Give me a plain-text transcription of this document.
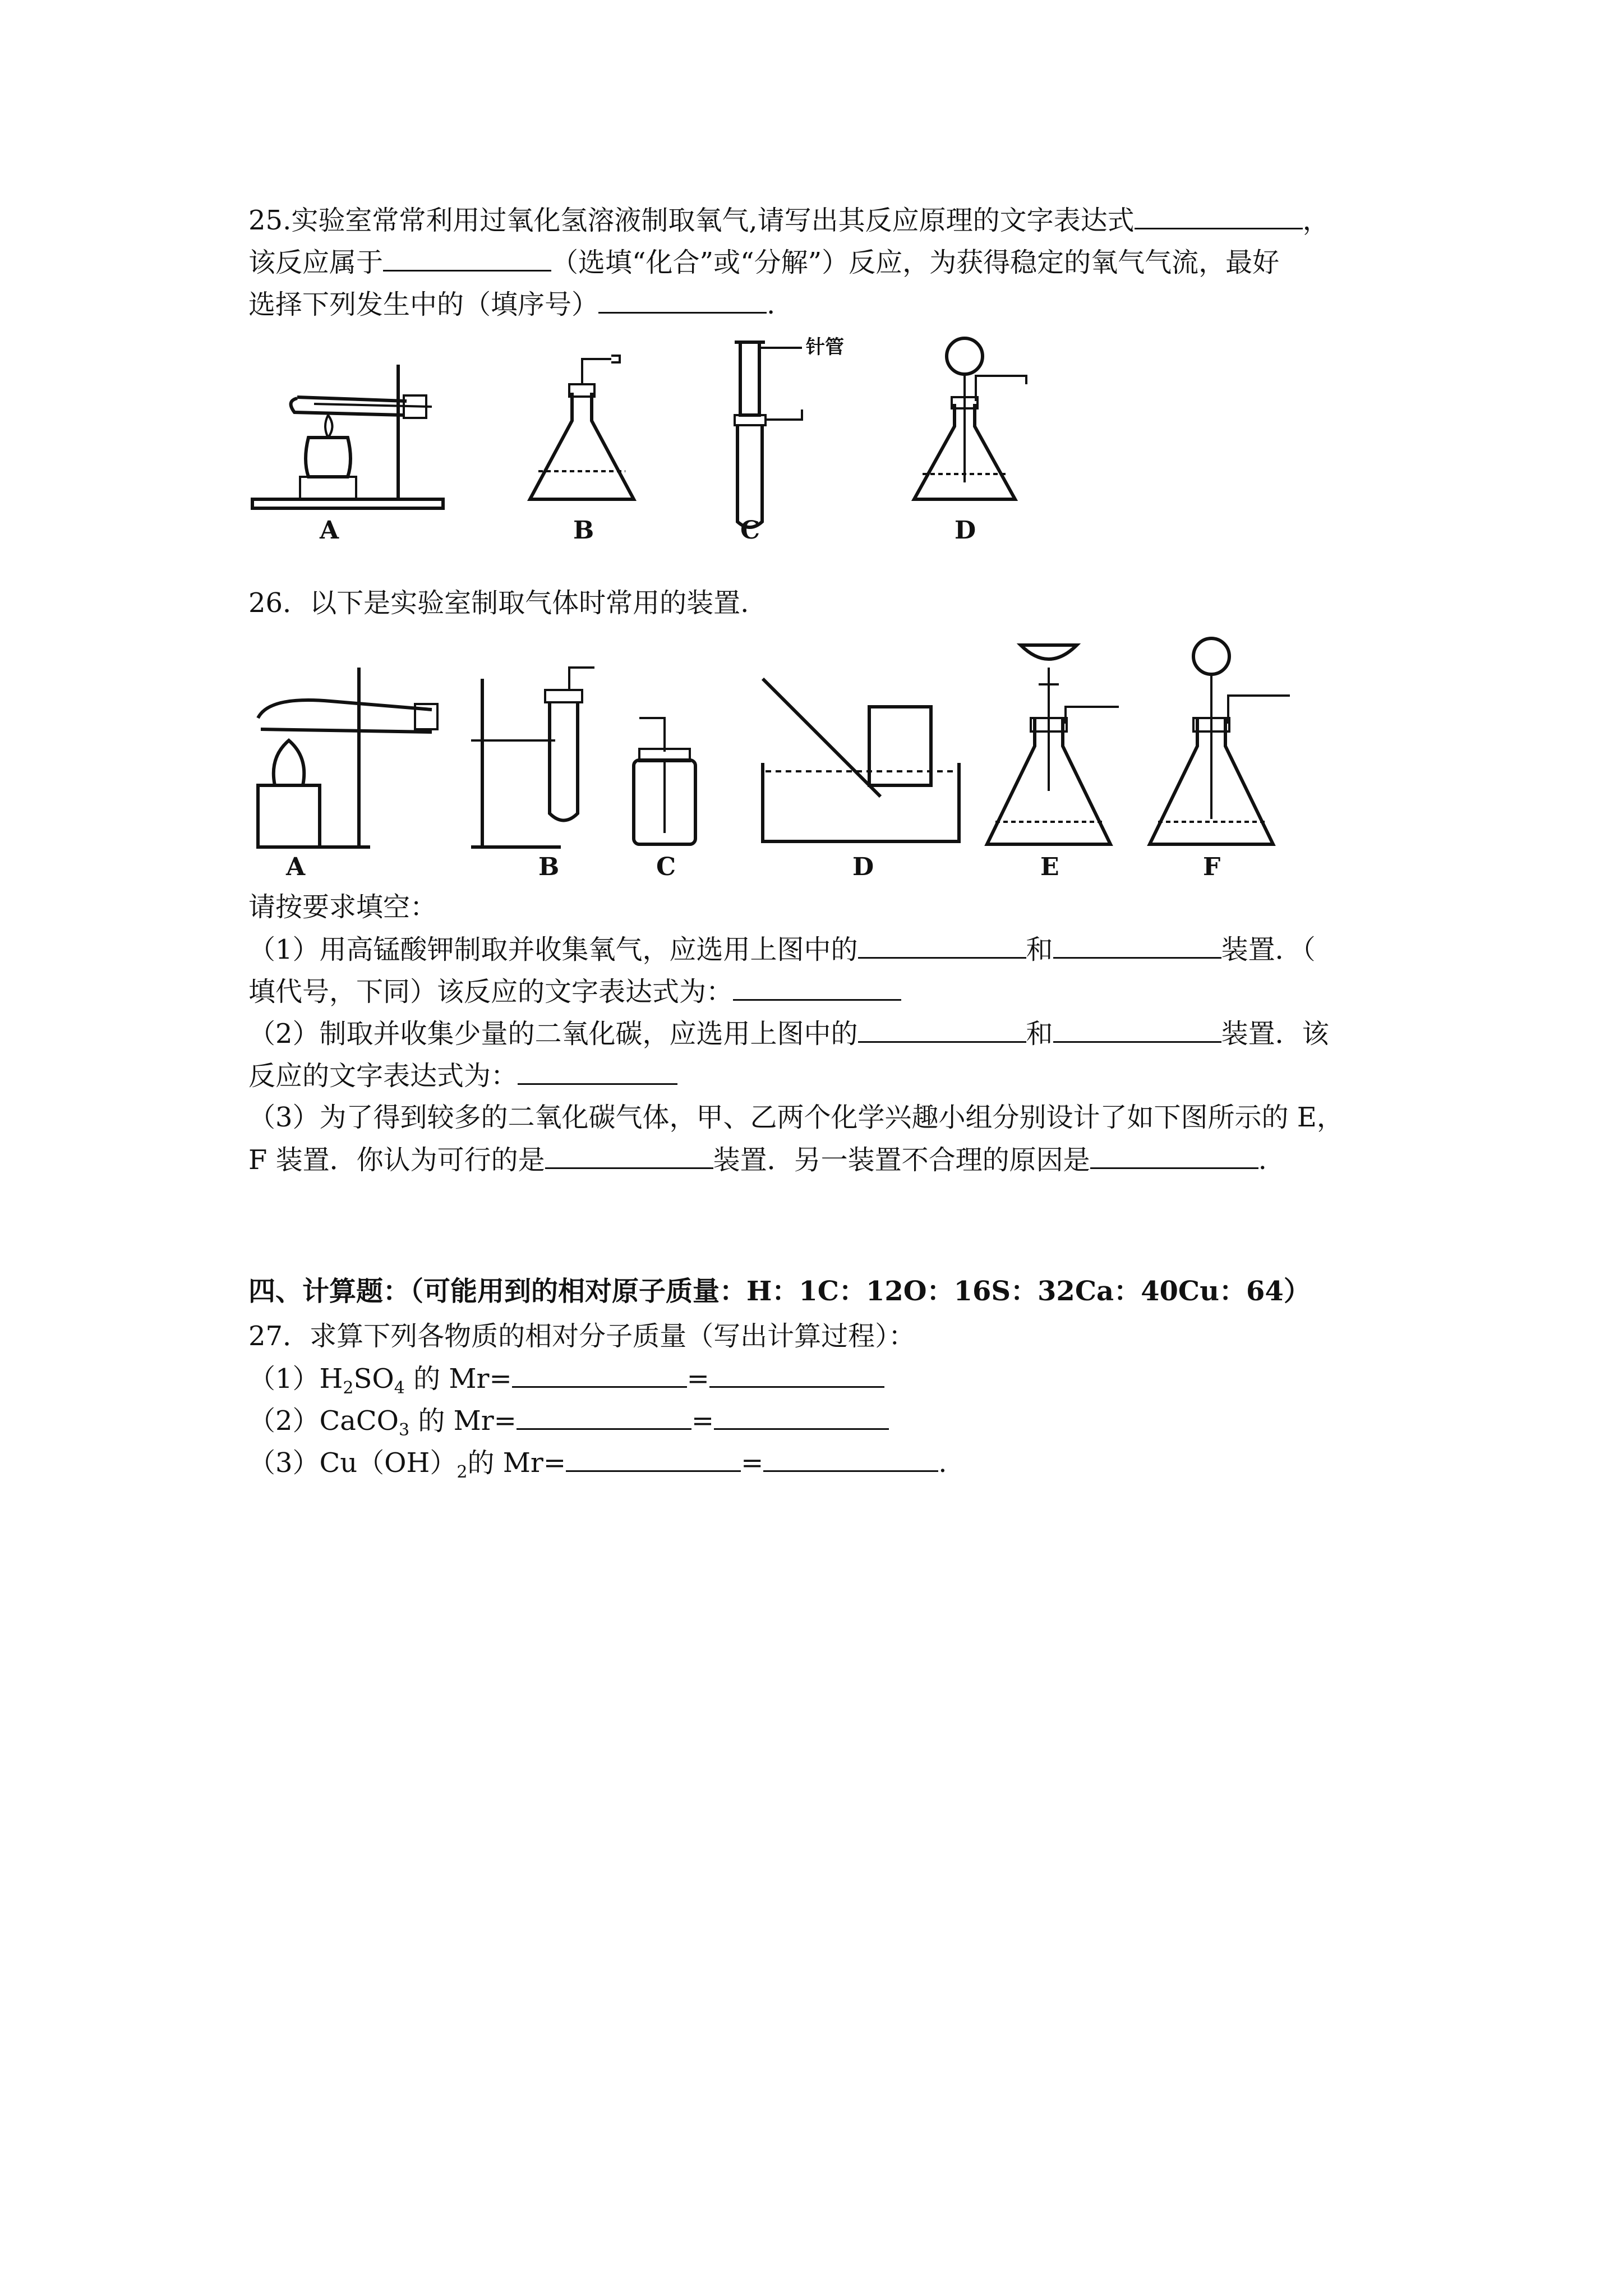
25.实验室常常利用过氧化氢溶液制取氧气,请写出其反应原理的文字表达式	，
该反应属于	（选填“化合”或“分解”）反应，为获得稳定的氧气气流，最好
选择下列发生中的（填序号）	.
A	B
针管
C	D
26．以下是实验室制取气体时常用的装置.
A	B	C	D	E	F
请按要求填空：
（1）用高锰酸钾制取并收集氧气，应选用上图中的	和	装置．（
填代号，下同）该反应的文字表达式为：
（2）制取并收集少量的二氧化碳，应选用上图中的	和	装置．该
反应的文字表达式为：
（3）为了得到较多的二氧化碳气体，甲、乙两个化学兴趣小组分别设计了如下图所示的 E，
F 装置．你认为可行的是	装置．另一装置不合理的原因是	.
四、计算题：（可能用到的相对原子质量：H：1C：12O：16S：32Ca：40Cu：64）
27．求算下列各物质的相对分子质量（写出计算过程）：
$(1)H_2SO_4$ 的 Mr=	=
（2）CaCO$_3$ 的 Mr=	=
$(3)Cu(OH)_2$的 Mr=	=	.
